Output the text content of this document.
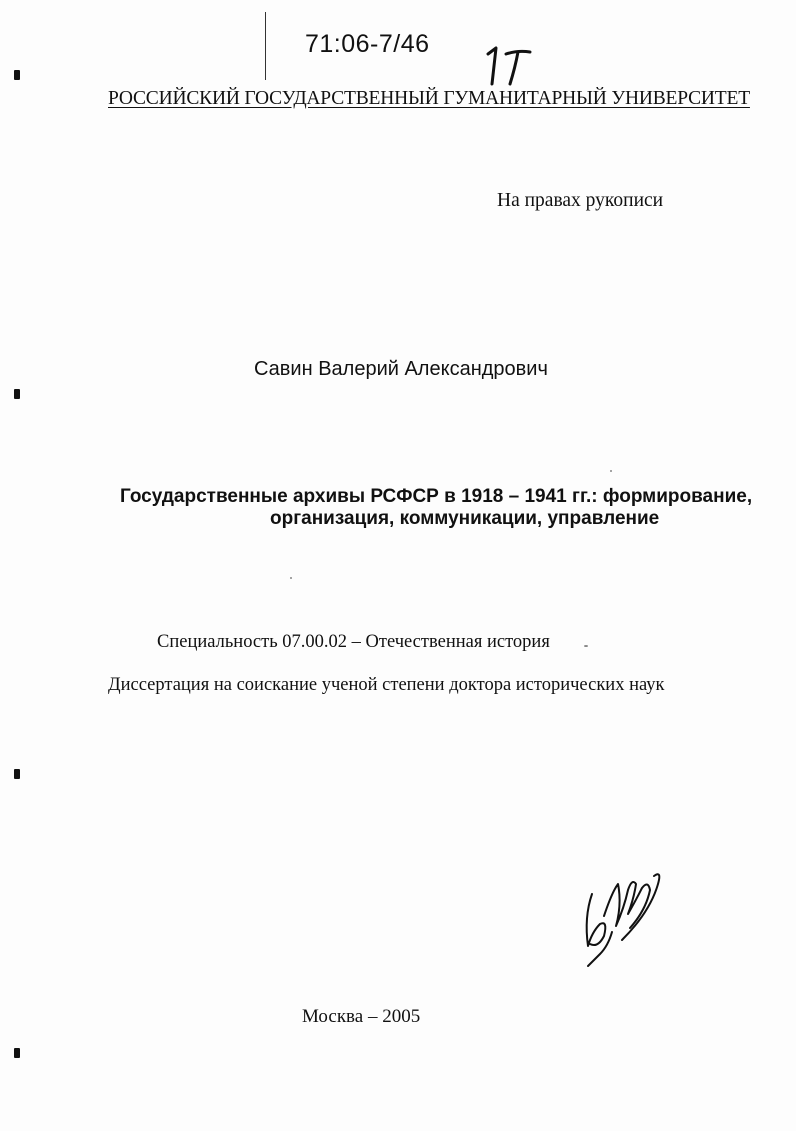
71:06-7/46
РОССИЙСКИЙ ГОСУДАРСТВЕННЫЙ ГУМАНИТАРНЫЙ УНИВЕРСИТЕТ
На правах рукописи
Савин Валерий Александрович
Государственные архивы РСФСР в 1918 – 1941 гг.: формирование,
организация, коммуникации, управление
Специальность 07.00.02 – Отечественная история
Диссертация на соискание ученой степени доктора исторических наук
Москва – 2005
